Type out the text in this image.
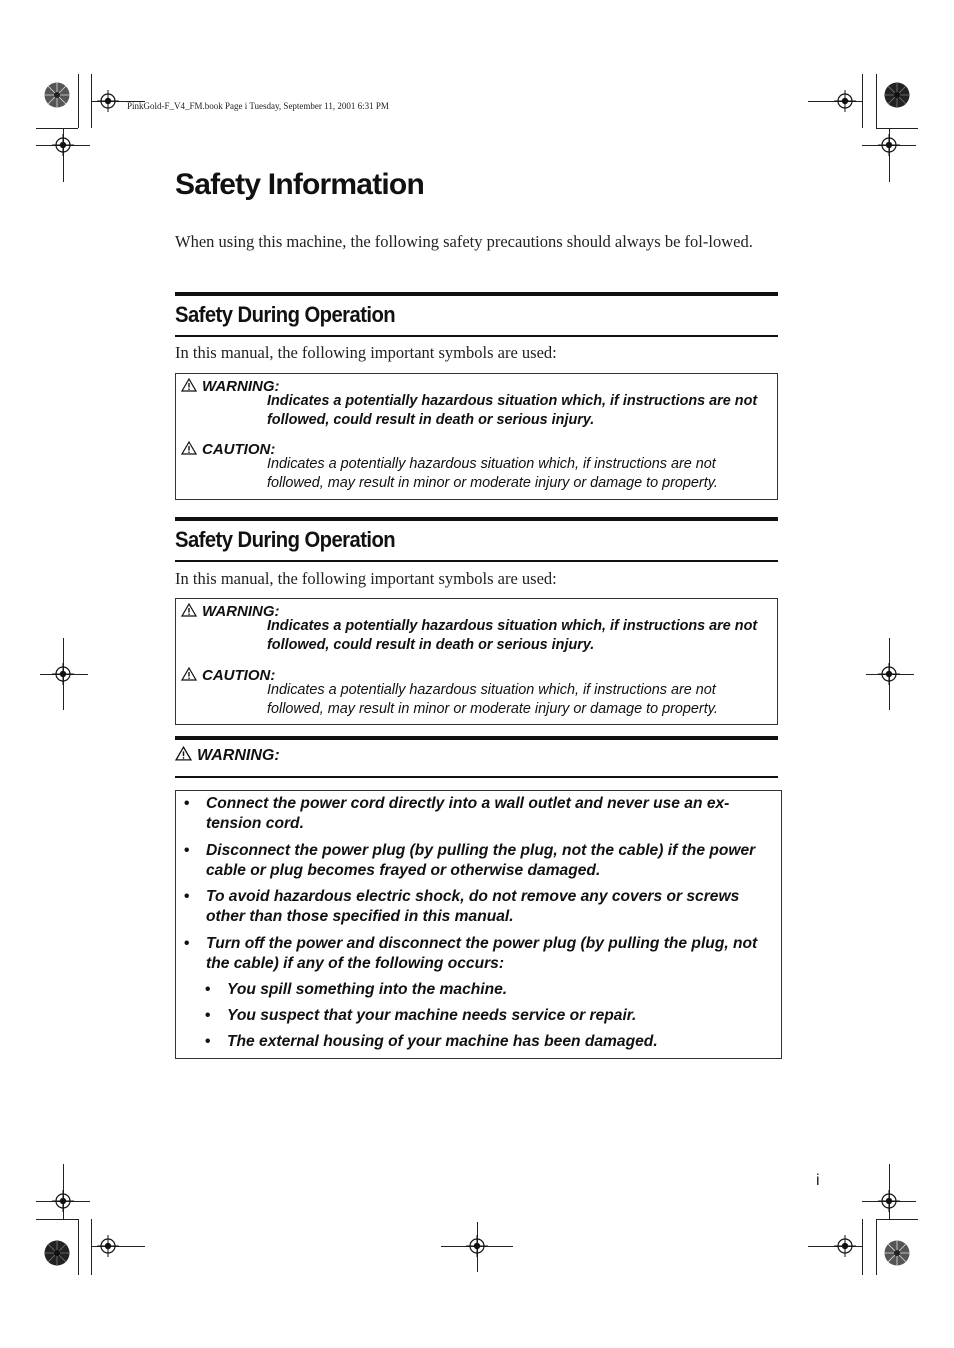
PinkGold-F_V4_FM.book Page i Tuesday, September 11, 2001 6:31 PM
Safety Information

When using this machine, the following safety precautions should always be fol-lowed.

Safety During Operation

In this manual, the following important symbols are used:

WARNING:

Indicates a potentially hazardous situation which, if instructions are not followed, could result in death or serious injury.

CAUTION:

Indicates a potentially hazardous situation which, if instructions are not followed, may result in minor or moderate injury or damage to property.

Safety During Operation

In this manual, the following important symbols are used:

WARNING:

Indicates a potentially hazardous situation which, if instructions are not followed, could result in death or serious injury.

CAUTION:

Indicates a potentially hazardous situation which, if instructions are not followed, may result in minor or moderate injury or damage to property.

WARNING:
• Connect the power cord directly into a wall outlet and never use an ex-tension cord.
• Disconnect the power plug (by pulling the plug, not the cable) if the power cable or plug becomes frayed or otherwise damaged.
• To avoid hazardous electric shock, do not remove any covers or screws other than those specified in this manual.
• Turn off the power and disconnect the power plug (by pulling the plug, not the cable) if any of the following occurs:
• You spill something into the machine.
• You suspect that your machine needs service or repair.
• The external housing of your machine has been damaged.
i
